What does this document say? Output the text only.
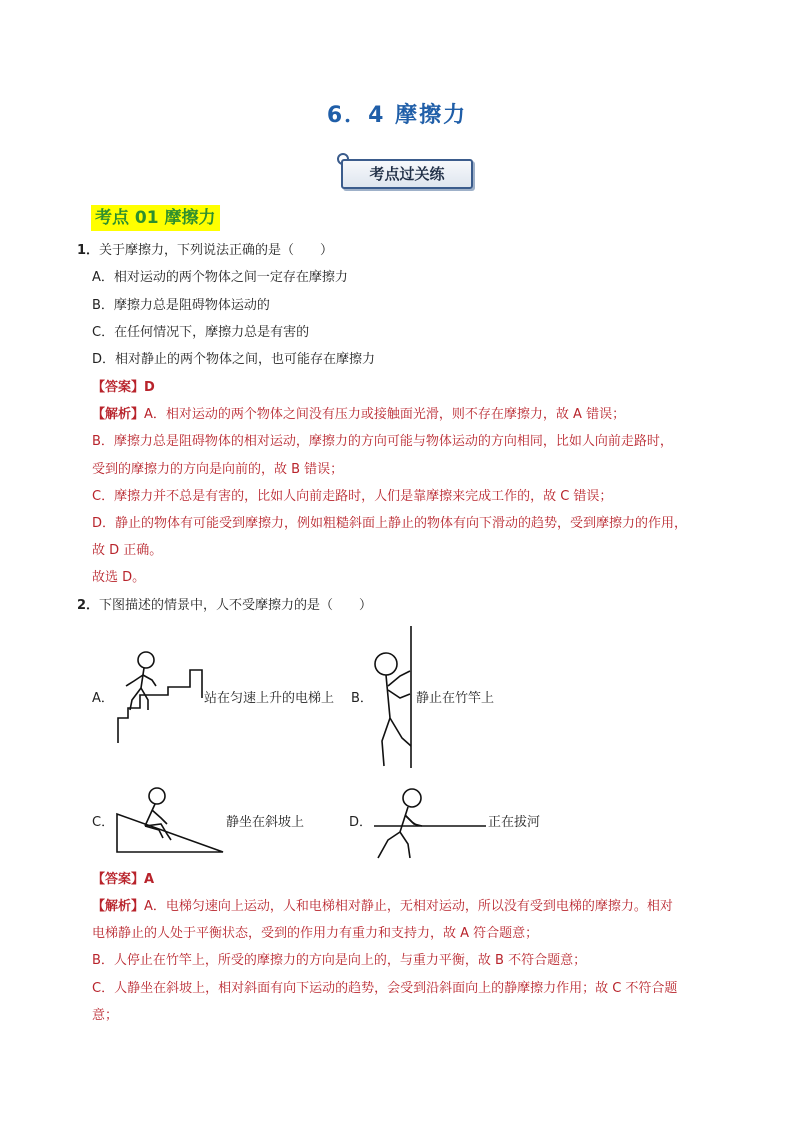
6．4 摩擦力
考点过关练
考点 01 摩擦力
1．关于摩擦力，下列说法正确的是（　　）
A．相对运动的两个物体之间一定存在摩擦力
B．摩擦力总是阻碍物体运动的
C．在任何情况下，摩擦力总是有害的
D．相对静止的两个物体之间，也可能存在摩擦力
【答案】D
【解析】A．相对运动的两个物体之间没有压力或接触面光滑，则不存在摩擦力，故 A 错误；
B．摩擦力总是阻碍物体的相对运动，摩擦力的方向可能与物体运动的方向相同，比如人向前走路时，
受到的摩擦力的方向是向前的，故 B 错误；
C．摩擦力并不总是有害的，比如人向前走路时，人们是靠摩擦来完成工作的，故 C 错误；
D．静止的物体有可能受到摩擦力，例如粗糙斜面上静止的物体有向下滑动的趋势，受到摩擦力的作用，
故 D 正确。
故选 D。
2．下图描述的情景中，人不受摩擦力的是（　　）
A．	站在匀速上升的电梯上 B．	静止在竹竿上
C．	静坐在斜坡上	D．	正在拔河
【答案】A
【解析】A．电梯匀速向上运动，人和电梯相对静止，无相对运动，所以没有受到电梯的摩擦力。相对
电梯静止的人处于平衡状态，受到的作用力有重力和支持力，故 A 符合题意；
B．人停止在竹竿上，所受的摩擦力的方向是向上的，与重力平衡，故 B 不符合题意；
C．人静坐在斜坡上，相对斜面有向下运动的趋势，会受到沿斜面向上的静摩擦力作用；故 C 不符合题
意；
